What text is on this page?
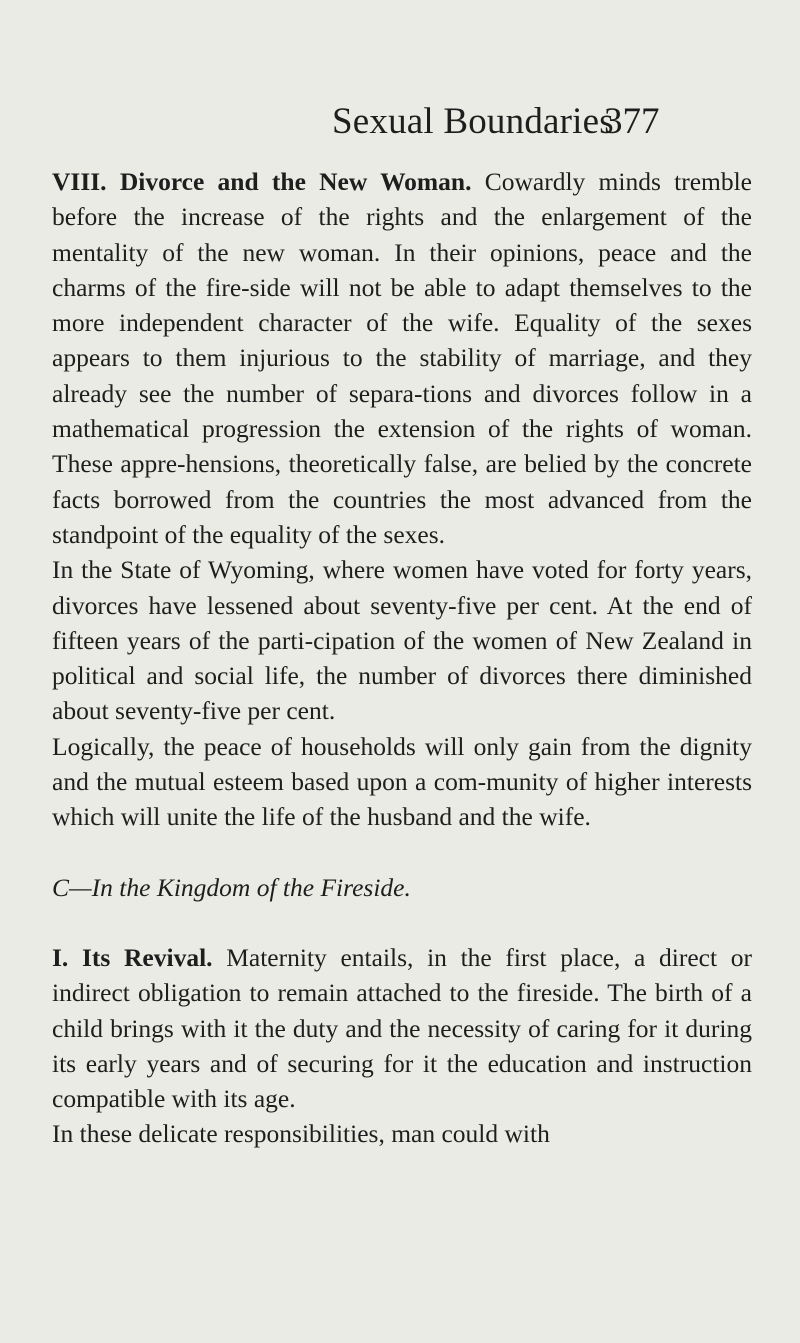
Sexual Boundaries
377

VIII. Divorce and the New Woman. Cowardly minds tremble before the increase of the rights and the enlargement of the mentality of the new woman. In their opinions, peace and the charms of the fire-side will not be able to adapt themselves to the more independent character of the wife. Equality of the sexes appears to them injurious to the stability of marriage, and they already see the number of separa-tions and divorces follow in a mathematical progression the extension of the rights of woman. These appre-hensions, theoretically false, are belied by the concrete facts borrowed from the countries the most advanced from the standpoint of the equality of the sexes.

In the State of Wyoming, where women have voted for forty years, divorces have lessened about seventy-five per cent. At the end of fifteen years of the parti-cipation of the women of New Zealand in political and social life, the number of divorces there diminished about seventy-five per cent.

Logically, the peace of households will only gain from the dignity and the mutual esteem based upon a com-munity of higher interests which will unite the life of the husband and the wife.

C—In the Kingdom of the Fireside.

I. Its Revival. Maternity entails, in the first place, a direct or indirect obligation to remain attached to the fireside. The birth of a child brings with it the duty and the necessity of caring for it during its early years and of securing for it the education and instruction compatible with its age.

In these delicate responsibilities, man could with
